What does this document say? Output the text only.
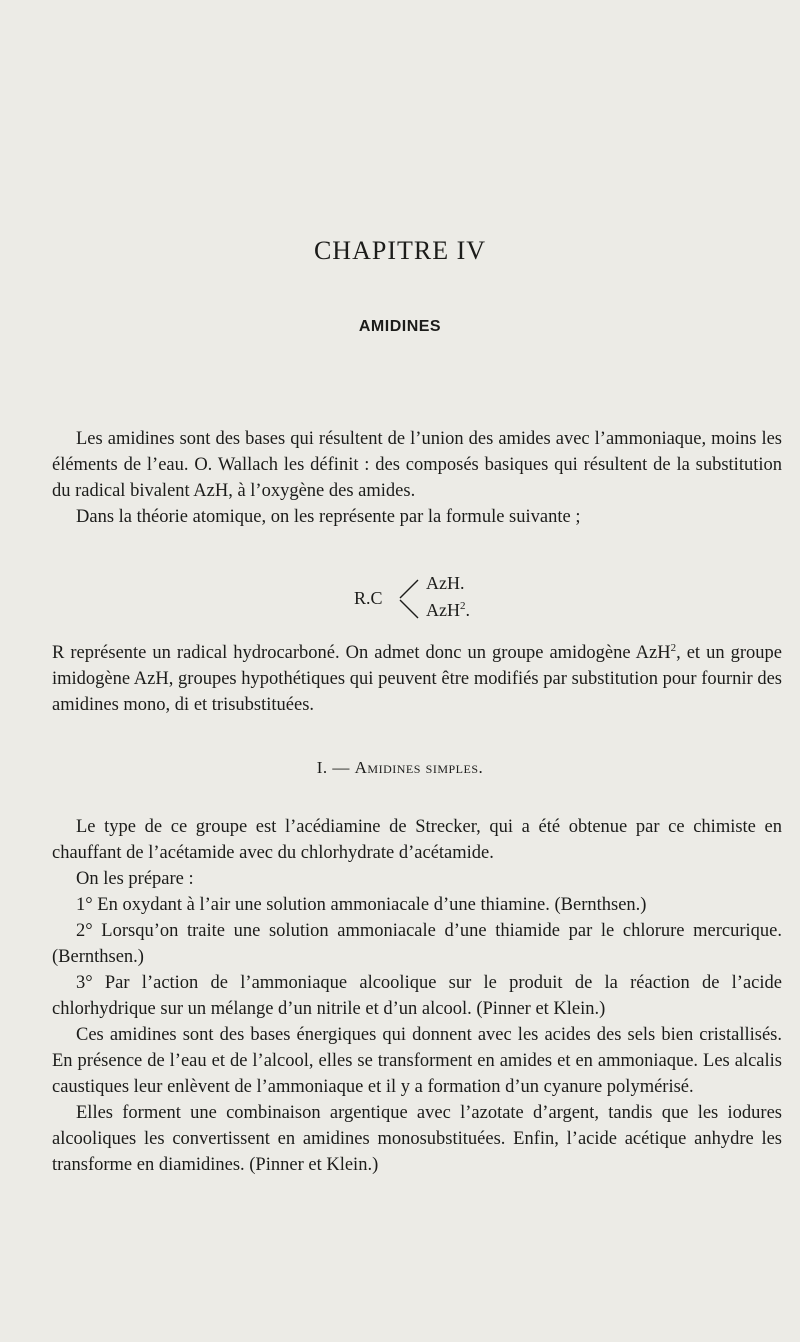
CHAPITRE IV
AMIDINES

Les amidines sont des bases qui résultent de l’union des amides avec l’ammoniaque, moins les éléments de l’eau. O. Wallach les définit : des composés basiques qui résultent de la substitution du radical bivalent AzH, à l’oxygène des amides.

Dans la théorie atomique, on les représente par la formule suivante ;

R.C
AzH.
AzH$^2$.

R représente un radical hydrocarboné. On admet donc un groupe amidogène AzH$^2$, et un groupe imidogène AzH, groupes hypothétiques qui peuvent être modifiés par substitution pour fournir des amidines mono, di et trisubstituées.

I. — Amidines simples.

Le type de ce groupe est l’acédiamine de Strecker, qui a été obtenue par ce chimiste en chauffant de l’acétamide avec du chlorhydrate d’acétamide.

On les prépare :

1° En oxydant à l’air une solution ammoniacale d’une thiamine. (Bernthsen.)

2° Lorsqu’on traite une solution ammoniacale d’une thiamide par le chlorure mercurique. (Bernthsen.)

3° Par l’action de l’ammoniaque alcoolique sur le produit de la réaction de l’acide chlorhydrique sur un mélange d’un nitrile et d’un alcool. (Pinner et Klein.)

Ces amidines sont des bases énergiques qui donnent avec les acides des sels bien cristallisés. En présence de l’eau et de l’alcool, elles se transforment en amides et en ammoniaque. Les alcalis caustiques leur enlèvent de l’ammoniaque et il y a formation d’un cyanure polymérisé.

Elles forment une combinaison argentique avec l’azotate d’argent, tandis que les iodures alcooliques les convertissent en amidines monosubstituées. Enfin, l’acide acétique anhydre les transforme en diamidines. (Pinner et Klein.)
